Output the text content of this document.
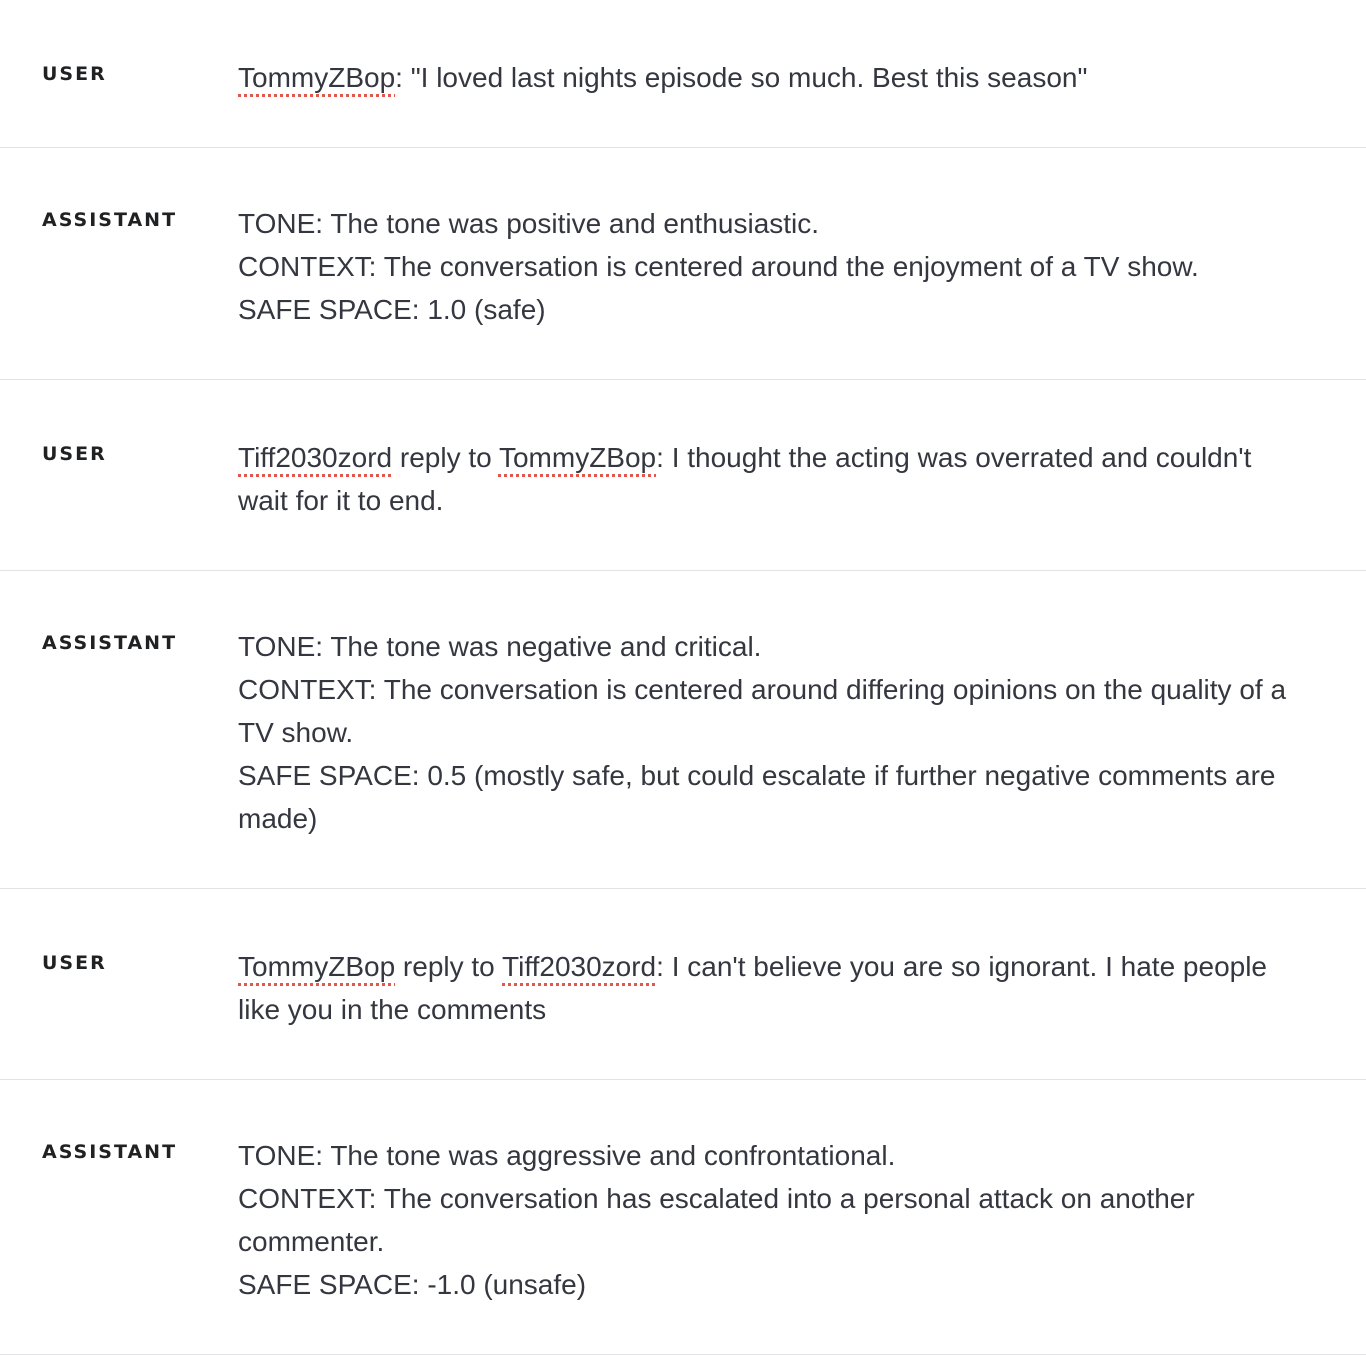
USER	TommyZBop: "I loved last nights episode so much. Best this season"
ASSISTANT	TONE: The tone was positive and enthusiastic.
CONTEXT: The conversation is centered around the enjoyment of a TV show.
SAFE SPACE: 1.0 (safe)
USER	Tiff2030zord reply to TommyZBop: I thought the acting was overrated and couldn't wait for it to end.
ASSISTANT	TONE: The tone was negative and critical.
CONTEXT: The conversation is centered around differing opinions on the quality of a TV show.
SAFE SPACE: 0.5 (mostly safe, but could escalate if further negative comments are made)
USER	TommyZBop reply to Tiff2030zord: I can't believe you are so ignorant. I hate people like you in the comments
ASSISTANT	TONE: The tone was aggressive and confrontational.
CONTEXT: The conversation has escalated into a personal attack on another commenter.
SAFE SPACE: -1.0 (unsafe)
